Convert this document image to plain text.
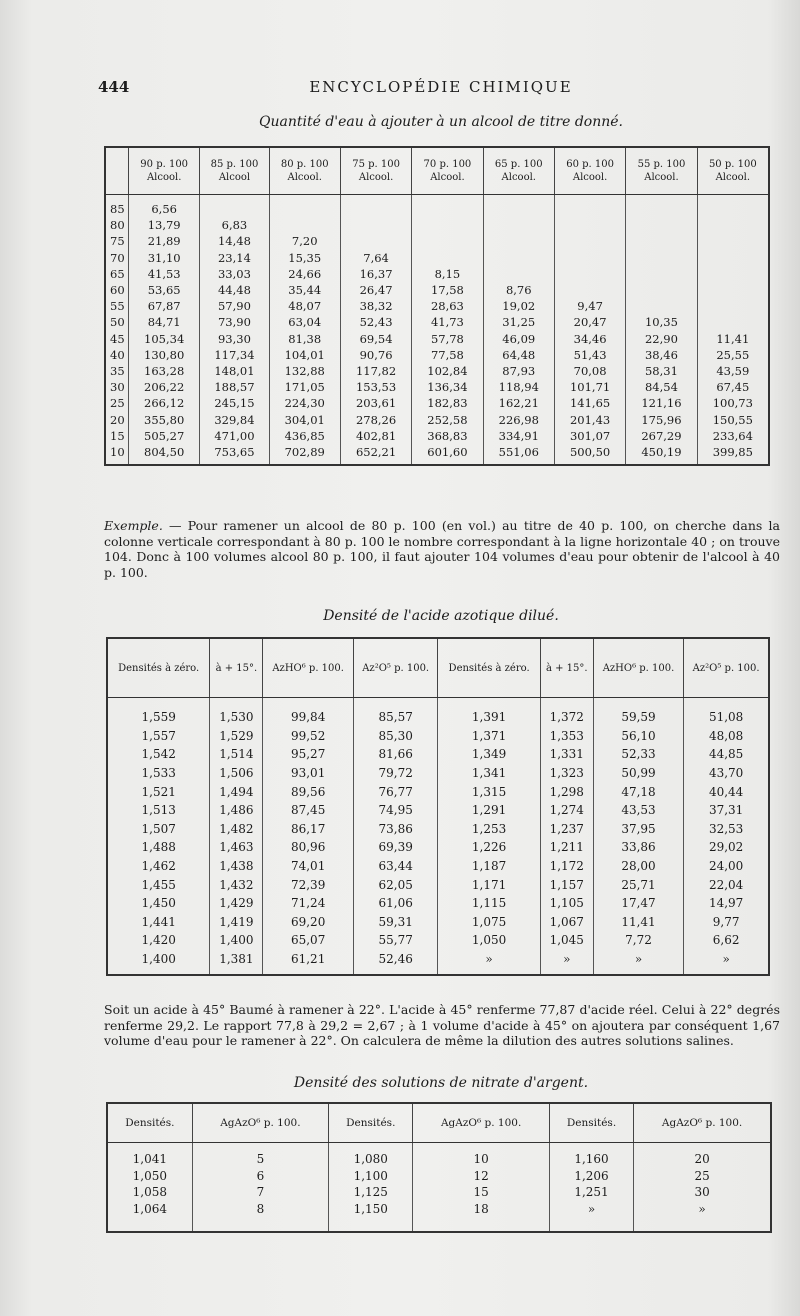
444	ENCYCLOPÉDIE CHIMIQUE
Quantité d'eau à ajouter à un alcool de titre donné.
	90 p. 100 Alcool.	85 p. 100 Alcool	80 p. 100 Alcool.	75 p. 100 Alcool.	70 p. 100 Alcool.	65 p. 100 Alcool.	60 p. 100 Alcool.	55 p. 100 Alcool.	50 p. 100 Alcool.
85	6,56								
80	13,79	6,83							
75	21,89	14,48	7,20						
70	31,10	23,14	15,35	7,64					
65	41,53	33,03	24,66	16,37	8,15				
60	53,65	44,48	35,44	26,47	17,58	8,76			
55	67,87	57,90	48,07	38,32	28,63	19,02	9,47		
50	84,71	73,90	63,04	52,43	41,73	31,25	20,47	10,35	
45	105,34	93,30	81,38	69,54	57,78	46,09	34,46	22,90	11,41
40	130,80	117,34	104,01	90,76	77,58	64,48	51,43	38,46	25,55
35	163,28	148,01	132,88	117,82	102,84	87,93	70,08	58,31	43,59
30	206,22	188,57	171,05	153,53	136,34	118,94	101,71	84,54	67,45
25	266,12	245,15	224,30	203,61	182,83	162,21	141,65	121,16	100,73
20	355,80	329,84	304,01	278,26	252,58	226,98	201,43	175,96	150,55
15	505,27	471,00	436,85	402,81	368,83	334,91	301,07	267,29	233,64
10	804,50	753,65	702,89	652,21	601,60	551,06	500,50	450,19	399,85
Exemple. — Pour ramener un alcool de 80 p. 100 (en vol.) au titre de 40 p. 100, on cherche dans la colonne verticale correspondant à 80 p. 100 le nombre correspondant à la ligne horizontale 40 ; on trouve 104. Donc à 100 volumes alcool 80 p. 100, il faut ajouter 104 volumes d'eau pour obtenir de l'alcool à 40 p. 100.
Densité de l'acide azotique dilué.
Densités à zéro.	à + 15°.	AzHO⁶ p. 100.	Az²O⁵ p. 100.	Densités à zéro.	à + 15°.	AzHO⁶ p. 100.	Az²O⁵ p. 100.
1,559	1,530	99,84	85,57	1,391	1,372	59,59	51,08
1,557	1,529	99,52	85,30	1,371	1,353	56,10	48,08
1,542	1,514	95,27	81,66	1,349	1,331	52,33	44,85
1,533	1,506	93,01	79,72	1,341	1,323	50,99	43,70
1,521	1,494	89,56	76,77	1,315	1,298	47,18	40,44
1,513	1,486	87,45	74,95	1,291	1,274	43,53	37,31
1,507	1,482	86,17	73,86	1,253	1,237	37,95	32,53
1,488	1,463	80,96	69,39	1,226	1,211	33,86	29,02
1,462	1,438	74,01	63,44	1,187	1,172	28,00	24,00
1,455	1,432	72,39	62,05	1,171	1,157	25,71	22,04
1,450	1,429	71,24	61,06	1,115	1,105	17,47	14,97
1,441	1,419	69,20	59,31	1,075	1,067	11,41	9,77
1,420	1,400	65,07	55,77	1,050	1,045	7,72	6,62
1,400	1,381	61,21	52,46	»	»	»	»
Soit un acide à 45° Baumé à ramener à 22°. L'acide à 45° renferme 77,87 d'acide réel. Celui à 22° degrés renferme 29,2. Le rapport 77,8 à 29,2 = 2,67 ; à 1 volume d'acide à 45° on ajoutera par conséquent 1,67 volume d'eau pour le ramener à 22°. On calculera de même la dilution des autres solutions salines.
Densité des solutions de nitrate d'argent.
Densités.	AgAzO⁶ p. 100.	Densités.	AgAzO⁶ p. 100.	Densités.	AgAzO⁶ p. 100.
1,041	5	1,080	10	1,160	20
1,050	6	1,100	12	1,206	25
1,058	7	1,125	15	1,251	30
1,064	8	1,150	18	»	»
